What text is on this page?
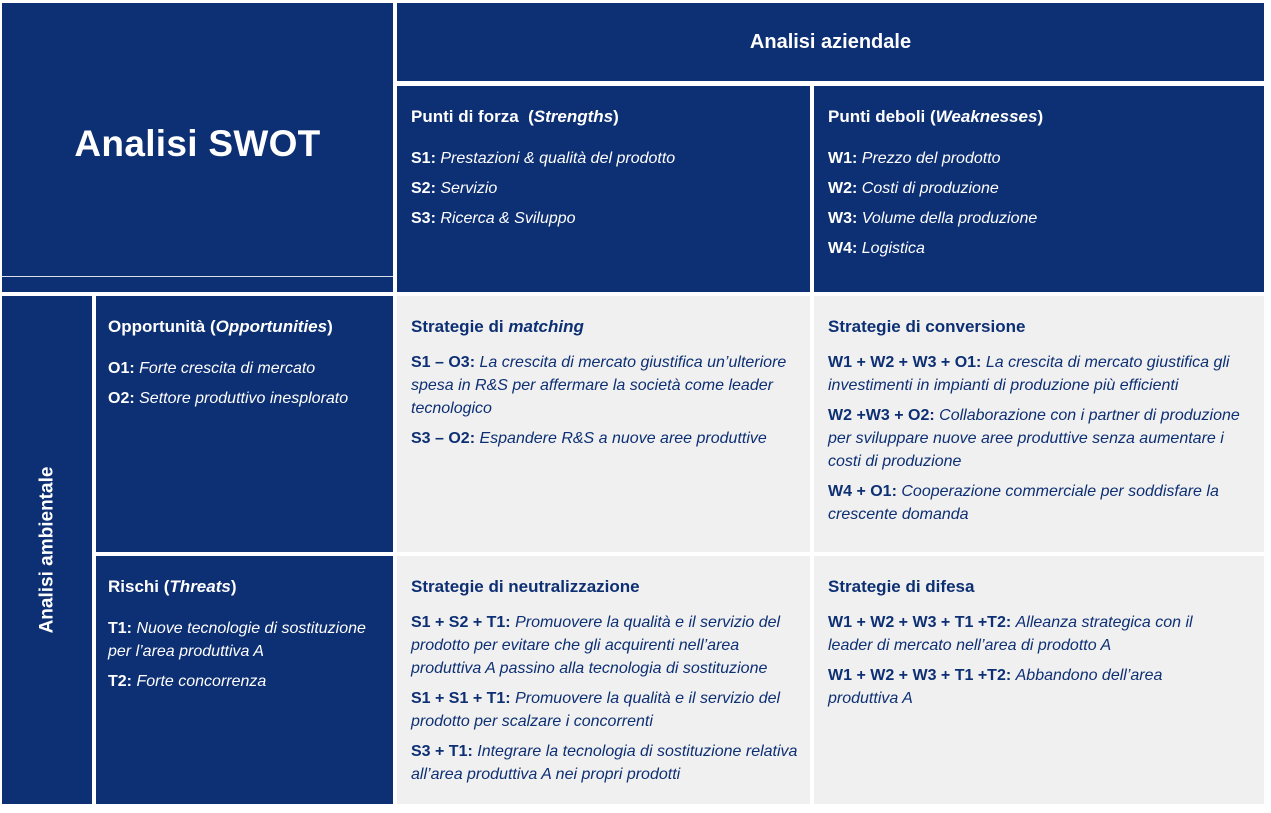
Analisi SWOT
Analisi aziendale
Punti di forza  (Strengths)
S1: Prestazioni & qualità del prodotto
S2: Servizio
S3: Ricerca & Sviluppo
Punti deboli (Weaknesses)
W1: Prezzo del prodotto
W2: Costi di produzione
W3: Volume della produzione
W4: Logistica
Analisi ambientale
Opportunità (Opportunities)
O1: Forte crescita di mercato
O2: Settore produttivo inesplorato
Rischi (Threats)
T1: Nuove tecnologie di sostituzione per l’area produttiva A
T2: Forte concorrenza
Strategie di matching
S1 – O3: La crescita di mercato giustifica un’ulteriore spesa in R&S per affermare la società come leader tecnologico
S3 – O2: Espandere R&S a nuove aree produttive
Strategie di conversione
W1 + W2 + W3 + O1: La crescita di mercato giustifica gli investimenti in impianti di produzione più efficienti
W2 +W3 + O2: Collaborazione con i partner di produzione per sviluppare nuove aree produttive senza aumentare i costi di produzione
W4 + O1: Cooperazione commerciale per soddisfare la crescente domanda
Strategie di neutralizzazione
S1 + S2 + T1: Promuovere la qualità e il servizio del prodotto per evitare che gli acquirenti nell’area produttiva A passino alla tecnologia di sostituzione
S1 + S1 + T1: Promuovere la qualità e il servizio del prodotto per scalzare i concorrenti
S3 + T1: Integrare la tecnologia di sostituzione relativa all’area produttiva A nei propri prodotti
Strategie di difesa
W1 + W2 + W3 + T1 +T2: Alleanza strategica con il leader di mercato nell’area di prodotto A
W1 + W2 + W3 + T1 +T2: Abbandono dell’area produttiva A
